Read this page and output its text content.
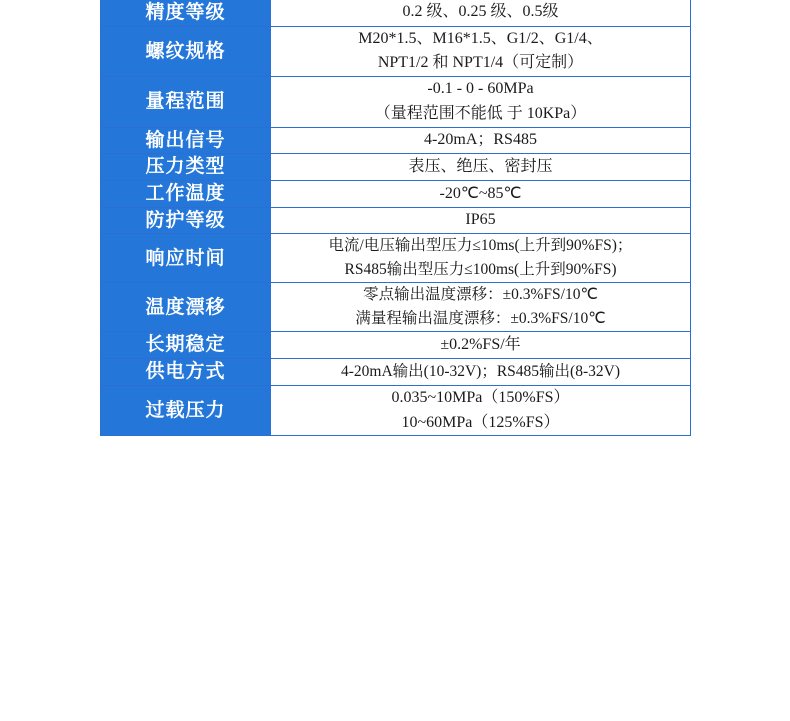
精度等级	0.2 级、0.25 级、0.5级

螺纹规格	M20*1.5、M16*1.5、G1/2、G1/4、
NPT1/2 和 NPT1/4（可定制）

量程范围	-0.1 - 0 - 60MPa
（量程范围不能低 于 10KPa）

输出信号	4-20mA；RS485

压力类型	表压、绝压、密封压

工作温度	-20℃~85℃

防护等级	IP65

响应时间	电流/电压输出型压力≤10ms(上升到90%FS)；
RS485输出型压力≤100ms(上升到90%FS)

温度漂移	零点输出温度漂移：±0.3%FS/10℃
满量程输出温度漂移：±0.3%FS/10℃

长期稳定	±0.2%FS/年

供电方式	4-20mA输出(10-32V)；RS485输出(8-32V)

过载压力	0.035~10MPa（150%FS）
10~60MPa（125%FS）
